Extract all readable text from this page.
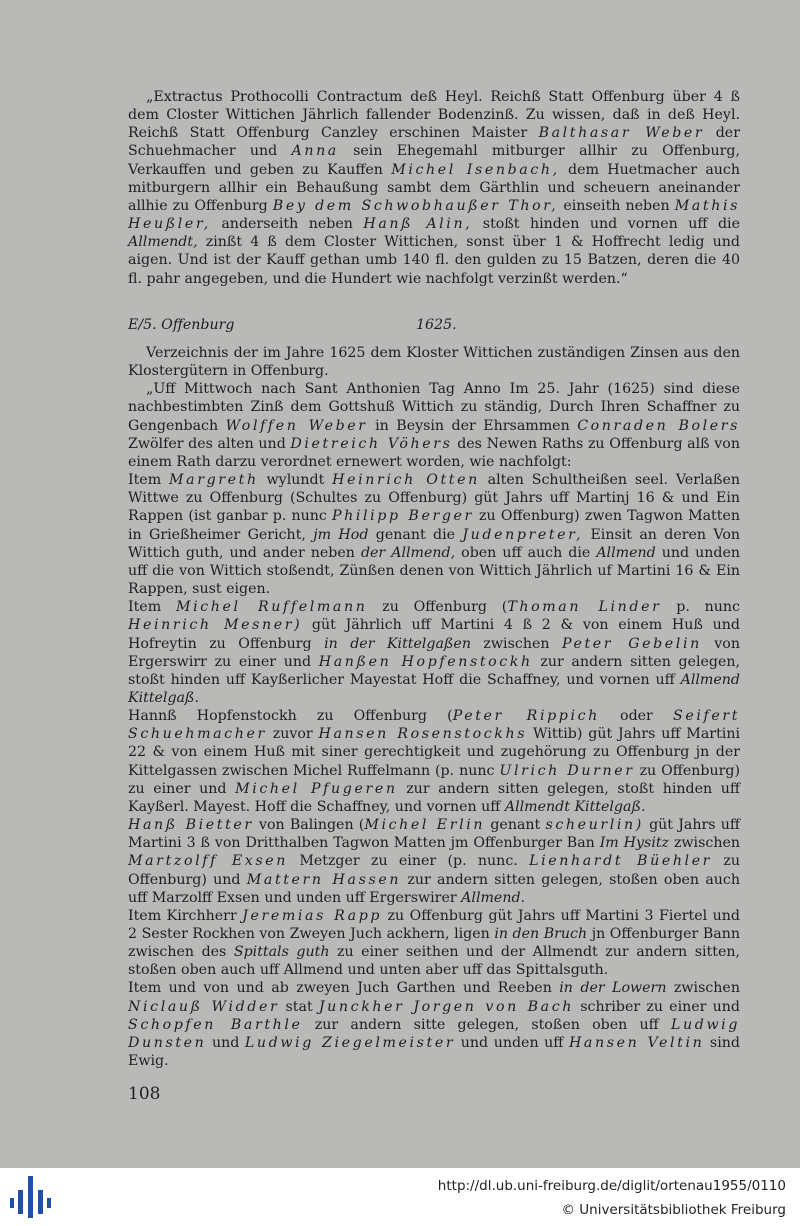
„Extractus Prothocolli Contractum deß Heyl. Reichß Statt Offenburg über 4 ß dem Closter Wittichen Jährlich fallender Bodenzinß. Zu wissen, daß in deß Heyl. Reichß Statt Offenburg Canzley erschinen Maister Balthasar Weber der Schuehmacher und Anna sein Ehegemahl mitburger allhir zu Offenburg, Verkauffen und geben zu Kauffen Michel Isenbach, dem Huetmacher auch mitburgern allhir ein Behaußung sambt dem Gärthlin und scheuern aneinander allhie zu Offenburg Bey dem Schwobhaußer Thor, einseith neben Mathis Heußler, anderseith neben Hanß Alin, stoßt hinden und vornen uff die Allmendt, zinßt 4 ß dem Closter Wittichen, sonst über 1 & Hoffrecht ledig und aigen. Und ist der Kauff gethan umb 140 fl. den gulden zu 15 Batzen, deren die 40 fl. pahr angegeben, und die Hundert wie nachfolgt verzinßt werden.“

E/5. Offenburg	1625.

Verzeichnis der im Jahre 1625 dem Kloster Wittichen zuständigen Zinsen aus den Klostergütern in Offenburg.

„Uff Mittwoch nach Sant Anthonien Tag Anno Im 25. Jahr (1625) sind diese nachbestimbten Zinß dem Gottshuß Wittich zu ständig, Durch Ihren Schaffner zu Gengenbach Wolffen Weber in Beysin der Ehrsammen Conraden Bolers Zwölfer des alten und Dietreich Vöhers des Newen Raths zu Offenburg alß von einem Rath darzu verordnet ernewert worden, wie nachfolgt:

Item Margreth wylundt Heinrich Otten alten Schultheißen seel. Verlaßen Wittwe zu Offenburg (Schultes zu Offenburg) güt Jahrs uff Martinj 16 & und Ein Rappen (ist ganbar p. nunc Philipp Berger zu Offenburg) zwen Tagwon Matten in Grießheimer Gericht, jm Hod genant die Judenpreter, Einsit an deren Von Wittich guth, und ander neben der Allmend, oben uff auch die Allmend und unden uff die von Wittich stoßendt, Zünßen denen von Wittich Jährlich uf Martini 16 & Ein Rappen, sust eigen.

Item Michel Ruffelmann zu Offenburg (Thoman Linder p. nunc Heinrich Mesner) güt Jährlich uff Martini 4 ß 2 & von einem Huß und Hofreytin zu Offenburg in der Kittelgaßen zwischen Peter Gebelin von Ergerswirr zu einer und Hanßen Hopfenstockh zur andern sitten gelegen, stoßt hinden uff Kayßerlicher Mayestat Hoff die Schaffney, und vornen uff Allmend Kittelgaß.

Hannß Hopfenstockh zu Offenburg (Peter Rippich oder Seifert Schuehmacher zuvor Hansen Rosenstockhs Wittib) güt Jahrs uff Martini 22 & von einem Huß mit siner gerechtigkeit und zugehörung zu Offenburg jn der Kittelgassen zwischen Michel Ruffelmann (p. nunc Ulrich Durner zu Offenburg) zu einer und Michel Pfugeren zur andern sitten gelegen, stoßt hinden uff Kayßerl. Mayest. Hoff die Schaffney, und vornen uff Allmendt Kittelgaß.

Hanß Bietter von Balingen (Michel Erlin genant scheurlin) güt Jahrs uff Martini 3 ß von Dritthalben Tagwon Matten jm Offenburger Ban Im Hysitz zwischen Martzolff Exsen Metzger zu einer (p. nunc. Lienhardt Büehler zu Offenburg) und Mattern Hassen zur andern sitten gelegen, stoßen oben auch uff Marzolff Exsen und unden uff Ergerswirer Allmend.

Item Kirchherr Jeremias Rapp zu Offenburg güt Jahrs uff Martini 3 Fiertel und 2 Sester Rockhen von Zweyen Juch ackhern, ligen in den Bruch jn Offenburger Bann zwischen des Spittals guth zu einer seithen und der Allmendt zur andern sitten, stoßen oben auch uff Allmend und unten aber uff das Spittalsguth.

Item und von und ab zweyen Juch Garthen und Reeben in der Lowern zwischen Niclauß Widder stat Junckher Jorgen von Bach schriber zu einer und Schopfen Barthle zur andern sitte gelegen, stoßen oben uff Ludwig Dunsten und Ludwig Ziegelmeister und unden uff Hansen Veltin sind Ewig.

108
http://dl.ub.uni-freiburg.de/diglit/ortenau1955/0110
© Universitätsbibliothek Freiburg
